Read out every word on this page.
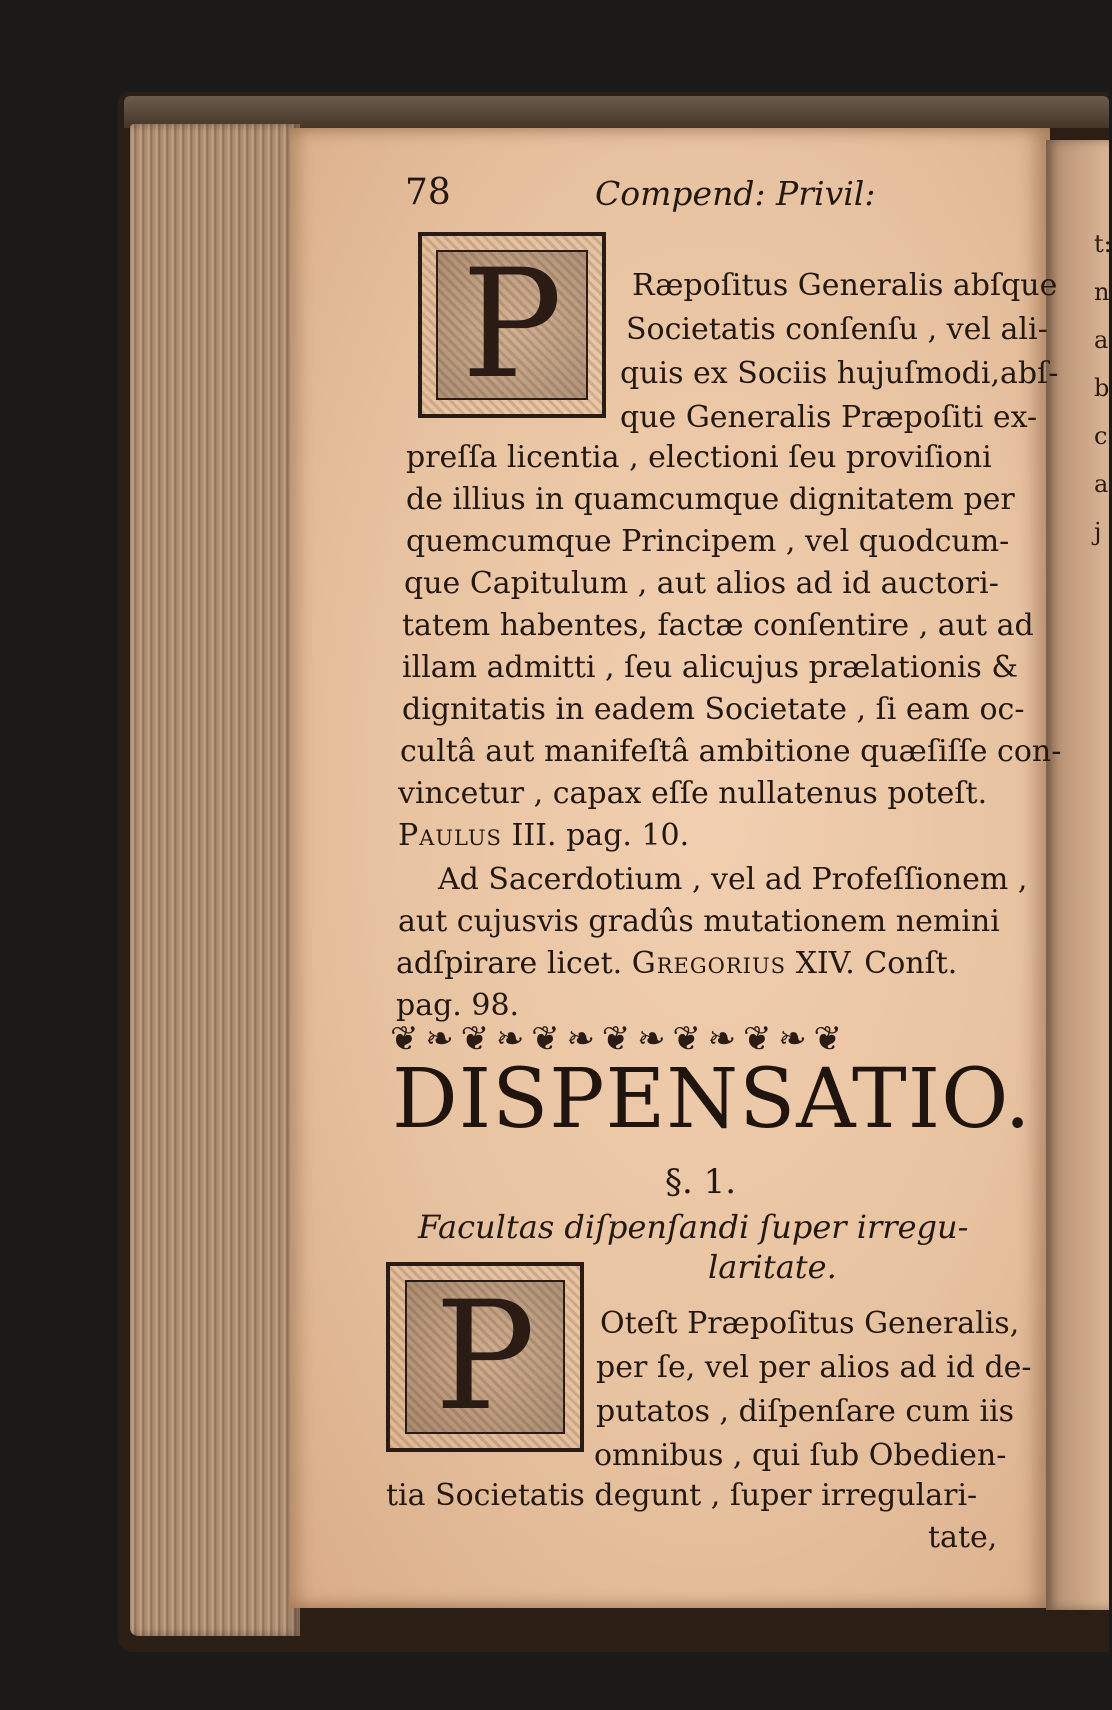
t:
n
a
b
c
a
j
78	Compend: Privil:
P	Ræpoſitus Generalis abſque
Societatis conſenſu , vel ali-
quis ex Sociis hujuſmodi,abſ-
que Generalis Præpoſiti ex-
preſſa licentia , electioni ſeu proviſioni
de illius in quamcumque dignitatem per
quemcumque Principem , vel quodcum-
que Capitulum , aut alios ad id auctori-
tatem habentes, factæ conſentire , aut ad
illam admitti , ſeu alicujus prælationis &
dignitatis in eadem Societate , ſi eam oc-
cultâ aut manifeſtâ ambitione quæſiſſe con-
vincetur , capax eſſe nullatenus poteſt.
Paulus III. pag. 10.
Ad Sacerdotium , vel ad Profeſſionem ,
aut cujusvis gradûs mutationem nemini
adſpirare licet. Gregorius XIV. Conſt.
pag. 98.
❦ ❧ ❦ ❧ ❦ ❧ ❦ ❧ ❦ ❧ ❦ ❧ ❦
DISPENSATIO.
§. 1.
Facultas diſpenſandi ſuper irregu-
laritate.
P	Oteſt Præpoſitus Generalis,
per ſe, vel per alios ad id de-
putatos , diſpenſare cum iis
omnibus , qui ſub Obedien-
tia Societatis degunt , ſuper irregulari-
tate,
